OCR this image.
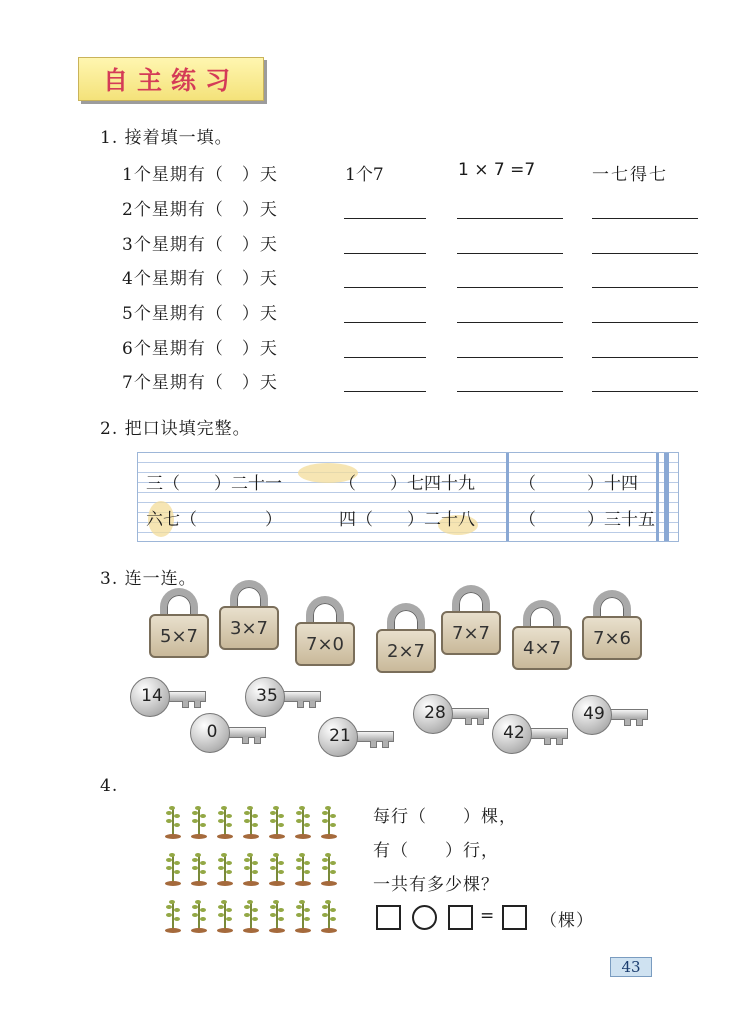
自主练习
1. 接着填一填。
1个星期有（　）天	1个7	1 × 7 =7	一七得七
2个星期有（　）天
3个星期有（　）天
4个星期有（　）天
5个星期有（　）天
6个星期有（　）天
7个星期有（　）天
2. 把口诀填完整。
三（　　）二十一	（　　）七四十九	（　　　）十四
六七（　　　　）	四（　　）二十八	（　　　）三十五
3. 连一连。
5×7	3×7
7×0	2×7
7×7
4×7	7×6
14	35
0	21
28
42
49
4.
每行（　　）棵，
有（　　）行，
一共有多少棵？
=	（棵）
43
